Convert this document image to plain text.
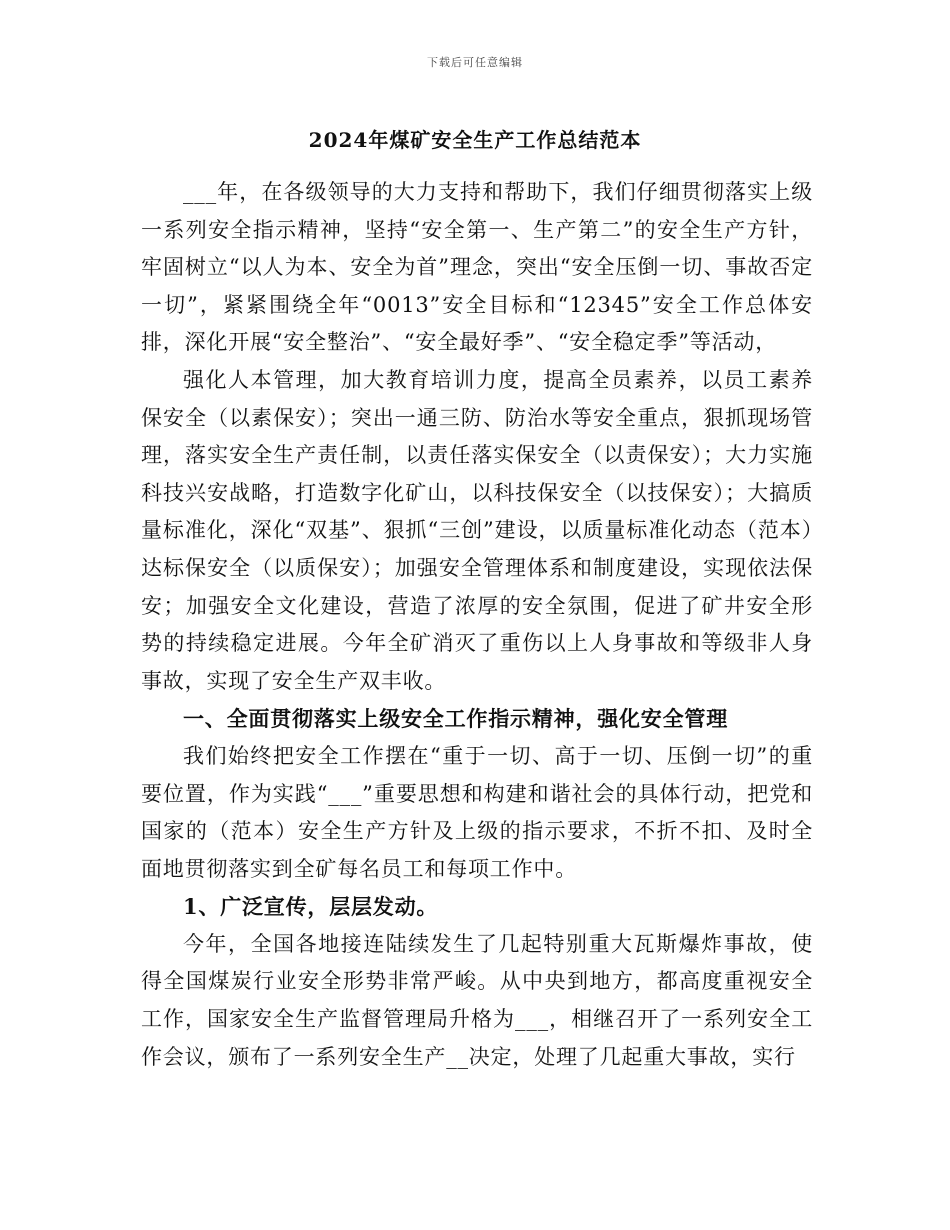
下载后可任意编辑
2024年煤矿安全生产工作总结范本

___年，在各级领导的大力支持和帮助下，我们仔细贯彻落实上级一系列安全指示精神，坚持“安全第一、生产第二”的安全生产方针，牢固树立“以人为本、安全为首”理念，突出“安全压倒一切、事故否定一切”，紧紧围绕全年“0013”安全目标和“12345”安全工作总体安排，深化开展“安全整治”、“安全最好季”、“安全稳定季”等活动，

强化人本管理，加大教育培训力度，提高全员素养，以员工素养保安全（以素保安）；突出一通三防、防治水等安全重点，狠抓现场管理，落实安全生产责任制，以责任落实保安全（以责保安）；大力实施科技兴安战略，打造数字化矿山，以科技保安全（以技保安）；大搞质量标准化，深化“双基”、狠抓“三创”建设，以质量标准化动态（范本）达标保安全（以质保安）；加强安全管理体系和制度建设，实现依法保安；加强安全文化建设，营造了浓厚的安全氛围，促进了矿井安全形势的持续稳定进展。今年全矿消灭了重伤以上人身事故和等级非人身事故，实现了安全生产双丰收。

一、全面贯彻落实上级安全工作指示精神，强化安全管理

我们始终把安全工作摆在“重于一切、高于一切、压倒一切”的重要位置，作为实践“___”重要思想和构建和谐社会的具体行动，把党和国家的（范本）安全生产方针及上级的指示要求，不折不扣、及时全面地贯彻落实到全矿每名员工和每项工作中。

1、广泛宣传，层层发动。

今年，全国各地接连陆续发生了几起特别重大瓦斯爆炸事故，使得全国煤炭行业安全形势非常严峻。从中央到地方，都高度重视安全工作，国家安全生产监督管理局升格为___，相继召开了一系列安全工作会议，颁布了一系列安全生产__决定，处理了几起重大事故，实行
